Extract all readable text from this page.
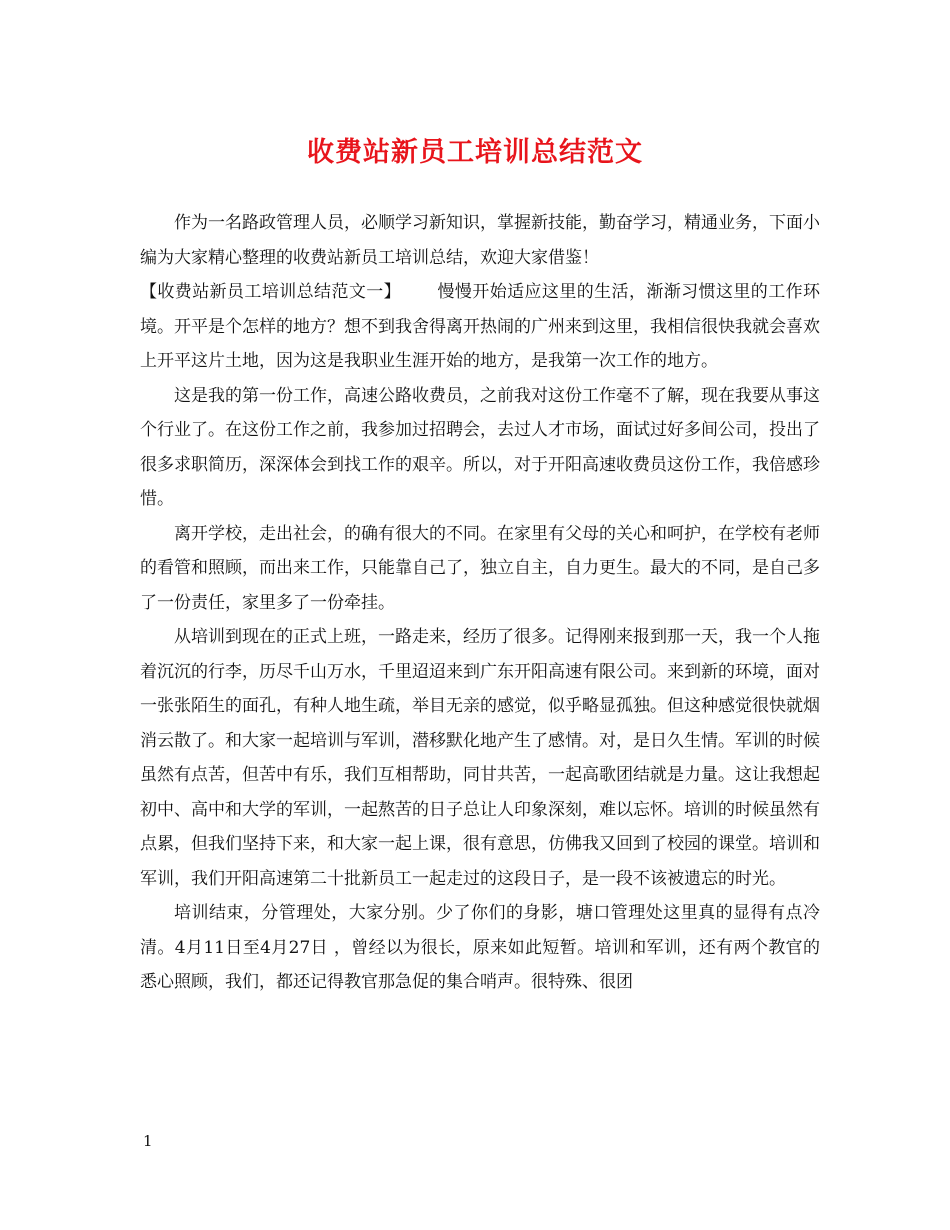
收费站新员工培训总结范文

作为一名路政管理人员，必顺学习新知识，掌握新技能，勤奋学习，精通业务，下面小编为大家精心整理的收费站新员工培训总结，欢迎大家借鉴！

【收费站新员工培训总结范文一】 慢慢开始适应这里的生活，渐渐习惯这里的工作环境。开平是个怎样的地方？想不到我舍得离开热闹的广州来到这里，我相信很快我就会喜欢上开平这片土地，因为这是我职业生涯开始的地方，是我第一次工作的地方。

这是我的第一份工作，高速公路收费员，之前我对这份工作毫不了解，现在我要从事这个行业了。在这份工作之前，我参加过招聘会，去过人才市场，面试过好多间公司，投出了很多求职简历，深深体会到找工作的艰辛。所以，对于开阳高速收费员这份工作，我倍感珍惜。

离开学校，走出社会，的确有很大的不同。在家里有父母的关心和呵护，在学校有老师的看管和照顾，而出来工作，只能靠自己了，独立自主，自力更生。最大的不同，是自己多了一份责任，家里多了一份牵挂。

从培训到现在的正式上班，一路走来，经历了很多。记得刚来报到那一天，我一个人拖着沉沉的行李，历尽千山万水，千里迢迢来到广东开阳高速有限公司。来到新的环境，面对一张张陌生的面孔，有种人地生疏，举目无亲的感觉，似乎略显孤独。但这种感觉很快就烟消云散了。和大家一起培训与军训，潜移默化地产生了感情。对，是日久生情。军训的时候虽然有点苦，但苦中有乐，我们互相帮助，同甘共苦，一起高歌团结就是力量。这让我想起初中、高中和大学的军训，一起熬苦的日子总让人印象深刻，难以忘怀。培训的时候虽然有点累，但我们坚持下来，和大家一起上课，很有意思，仿佛我又回到了校园的课堂。培训和军训，我们开阳高速第二十批新员工一起走过的这段日子，是一段不该被遗忘的时光。

培训结束，分管理处，大家分别。少了你们的身影，塘口管理处这里真的显得有点冷清。4月11日至4月27日 ，曾经以为很长，原来如此短暂。培训和军训，还有两个教官的悉心照顾，我们，都还记得教官那急促的集合哨声。很特殊、很团

1
